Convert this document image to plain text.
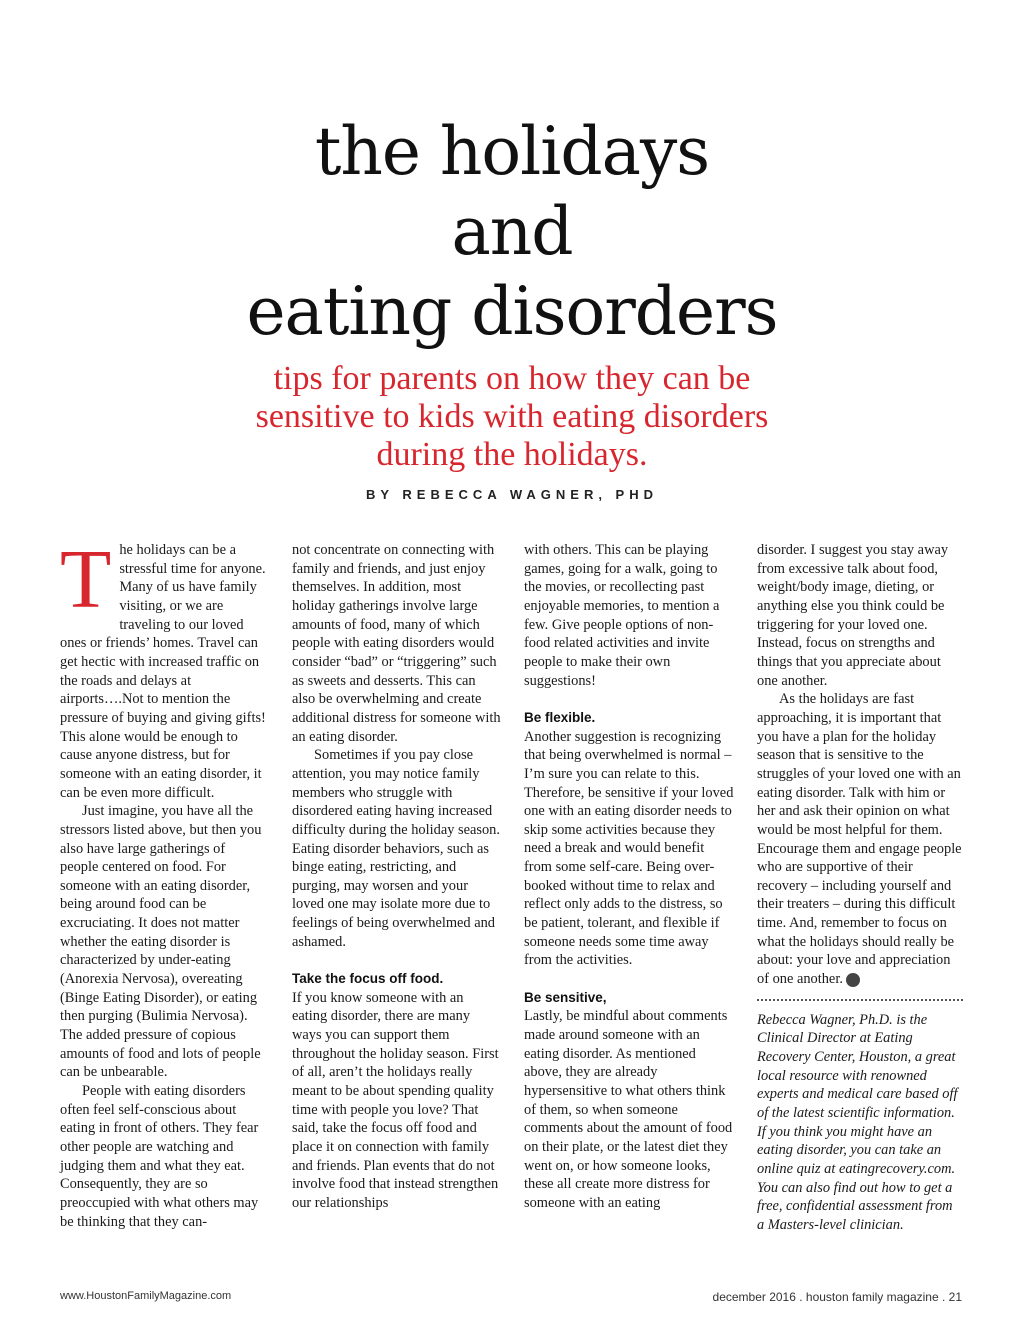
the holidays
and
eating disorders
tips for parents on how they can be
sensitive to kids with eating disorders
during the holidays.
BY REBECCA WAGNER, PHD

The holidays can be a stressful time for anyone. Many of us have family visiting, or we are traveling to our loved ones or friends’ homes. Travel can get hectic with increased traffic on the roads and delays at airports….Not to mention the pressure of buying and giving gifts! This alone would be enough to cause anyone distress, but for someone with an eating disorder, it can be even more difficult.

Just imagine, you have all the stressors listed above, but then you also have large gatherings of people centered on food. For someone with an eating disorder, being around food can be excruciating. It does not matter whether the eating disorder is characterized by under-eating (Anorexia Nervosa), overeating (Binge Eating Disorder), or eating then purging (Bulimia Nervosa). The added pressure of copious amounts of food and lots of people can be unbearable.

People with eating disorders often feel self-conscious about eating in front of others. They fear other people are watching and judging them and what they eat. Consequently, they are so preoccupied with what others may be thinking that they can-

not concentrate on connecting with family and friends, and just enjoy themselves. In addition, most holiday gatherings involve large amounts of food, many of which people with eating disorders would consider “bad” or “triggering” such as sweets and desserts. This can also be overwhelming and create additional distress for someone with an eating disorder.

Sometimes if you pay close attention, you may notice family members who struggle with disordered eating having increased difficulty during the holiday season. Eating disorder behaviors, such as binge eating, restricting, and purging, may worsen and your loved one may isolate more due to feelings of being overwhelmed and ashamed.

Take the focus off food.

If you know someone with an eating disorder, there are many ways you can support them throughout the holiday season. First of all, aren’t the holidays really meant to be about spending quality time with people you love? That said, take the focus off food and place it on connection with family and friends. Plan events that do not involve food that instead strengthen our relationships

with others. This can be playing games, going for a walk, going to the movies, or recollecting past enjoyable memories, to mention a few. Give people options of non-food related activities and invite people to make their own suggestions!

Be flexible.

Another suggestion is recognizing that being overwhelmed is normal – I’m sure you can relate to this. Therefore, be sensitive if your loved one with an eating disorder needs to skip some activities because they need a break and would benefit from some self-care. Being over-booked without time to relax and reflect only adds to the distress, so be patient, tolerant, and flexible if someone needs some time away from the activities.

Be sensitive,

Lastly, be mindful about comments made around someone with an eating disorder. As mentioned above, they are already hypersensitive to what others think of them, so when someone comments about the amount of food on their plate, or the latest diet they went on, or how someone looks, these all create more distress for someone with an eating

disorder. I suggest you stay away from excessive talk about food, weight/body image, dieting, or anything else you think could be triggering for your loved one. Instead, focus on strengths and things that you appreciate about one another.

As the holidays are fast approaching, it is important that you have a plan for the holiday season that is sensitive to the struggles of your loved one with an eating disorder. Talk with him or her and ask their opinion on what would be most helpful for them. Encourage them and engage people who are supportive of their recovery – including yourself and their treaters – during this difficult time. And, remember to focus on what the holidays should really be about: your love and appreciation of one another.	HF

Rebecca Wagner, Ph.D. is the Clinical Director at Eating Recovery Center, Houston, a great local resource with renowned experts and medical care based off of the latest scientific information. If you think you might have an eating disorder, you can take an online quiz at eatingrecovery.com. You can also find out how to get a free, confidential assessment from a Masters-level clinician.

www.HoustonFamilyMagazine.com	december 2016 . houston family magazine . 21
